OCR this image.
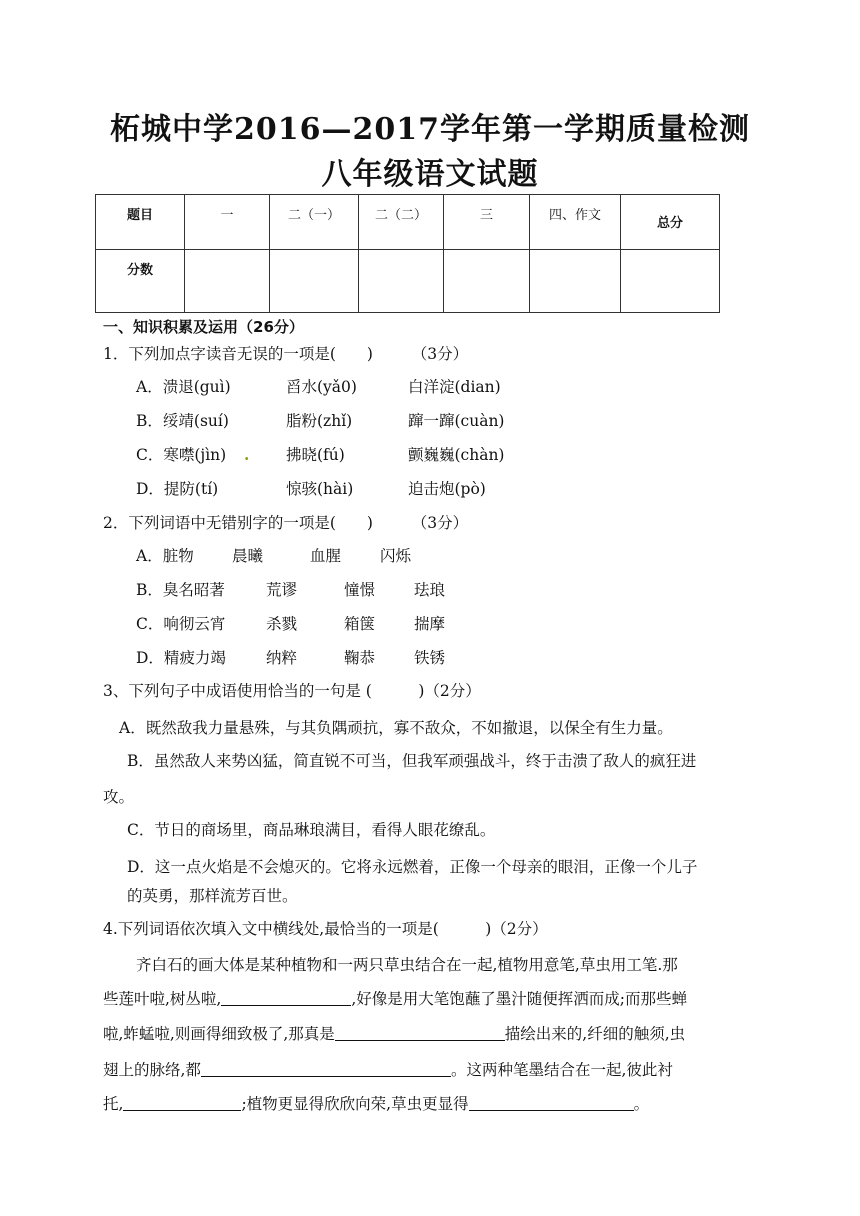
柘城中学2016—2017学年第一学期质量检测
八年级语文试题
题目	一	二（一）	二（二）	三	四、作文	总分
分数						
一、知识积累及运用（26分）
1．下列加点字读音无误的一项是(　　)　　　（3分）
A．溃退(guì)	舀水(yǎ0)	白洋淀(dian)
B．绥靖(suí)	脂粉(zhǐ)	蹿一蹿(cuàn)
C．寒噤(jìn) . 拂晓(fú)	颤巍巍(chàn)
D．提防(tí)	惊骇(hài)	迫击炮(pò)
2．下列词语中无错别字的一项是(　　)　　　（3分）
A．脏物 晨曦	血腥	闪烁
B．臭名昭著	荒谬	憧憬	珐琅
C．响彻云宵	杀戮	箱箧	揣摩
D．精疲力竭	纳粹	鞠恭	铁锈
3、下列句子中成语使用恰当的一句是 (　　　)（2分）
A．既然敌我力量悬殊，与其负隅顽抗，寡不敌众，不如撤退，以保全有生力量。
B．虽然敌人来势凶猛，简直锐不可当，但我军顽强战斗，终于击溃了敌人的疯狂进
攻。
C．节日的商场里，商品琳琅满目，看得人眼花缭乱。
D．这一点火焰是不会熄灭的。它将永远燃着，正像一个母亲的眼泪，正像一个儿子
的英勇，那样流芳百世。
4.下列词语依次填入文中横线处,最恰当的一项是(　　　)（2分）
齐白石的画大体是某种植物和一两只草虫结合在一起,植物用意笔,草虫用工笔.那
些莲叶啦,树丛啦,	,好像是用大笔饱蘸了墨汁随便挥洒而成;而那些蝉
啦,蚱蜢啦,则画得细致极了,那真是	描绘出来的,纤细的触须,虫
翅上的脉络,都	。这两种笔墨结合在一起,彼此衬
托,	;植物更显得欣欣向荣,草虫更显得	。
